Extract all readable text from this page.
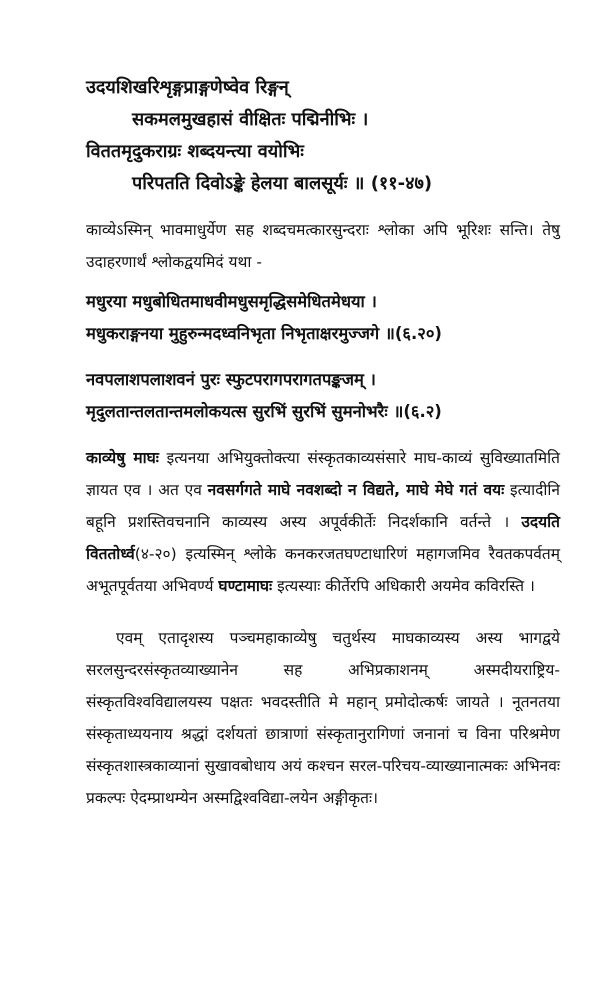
उदयशिखरिशृङ्गप्राङ्गणेष्वेव रिङ्गन्
सकमलमुखहासं वीक्षितः पद्मिनीभिः ।
विततमृदुकराग्रः शब्दयन्त्या वयोभिः
परिपतति दिवोऽङ्के हेलया बालसूर्यः ॥ (११-४७)

काव्येऽस्मिन् भावमाधुर्येण सह शब्दचमत्कारसुन्दराः श्लोका अपि भूरिशः सन्ति। तेषु उदाहरणार्थं श्लोकद्वयमिदं यथा -

मधुरया मधुबोधितमाधवीमधुसमृद्धिसमेधितमेधया ।
मधुकराङ्गनया मुहुरुन्मदध्वनिभृता निभृताक्षरमुज्जगे ॥(६.२०)
नवपलाशपलाशवनं पुरः स्फुटपरागपरागतपङ्कजम् ।
मृदुलतान्तलतान्तमलोकयत्स सुरभिं सुरभिं सुमनोभरैः ॥(६.२)

काव्येषु माघः इत्यनया अभियुक्तोक्त्या संस्कृतकाव्यसंसारे माघ-काव्यं सुविख्यातमिति ज्ञायत एव । अत एव नवसर्गगते माघे नवशब्दो न विद्यते, माघे मेघे गतं वयः इत्यादीनि बहूनि प्रशस्तिवचनानि काव्यस्य अस्य अपूर्वकीर्तेः निदर्शकानि वर्तन्ते । उदयति विततोर्ध्व(४-२०) इत्यस्मिन् श्लोके कनकरजतघण्टाधारिणं महागजमिव रैवतकपर्वतम् अभूतपूर्वतया अभिवर्ण्य घण्टामाघः इत्यस्याः कीर्तेरपि अधिकारी अयमेव कविरस्ति ।

एवम् एतादृशस्य पञ्चमहाकाव्येषु चतुर्थस्य माघकाव्यस्य अस्य भागद्वये सरलसुन्दरसंस्कृतव्याख्यानेन सह अभिप्रकाशनम् अस्मदीयराष्ट्रिय-संस्कृतविश्वविद्यालयस्य पक्षतः भवदस्तीति मे महान् प्रमोदोत्कर्षः जायते । नूतनतया संस्कृताध्ययनाय श्रद्धां दर्शयतां छात्राणां संस्कृतानुरागिणां जनानां च विना परिश्रमेण संस्कृतशास्त्रकाव्यानां सुखावबोधाय अयं कश्चन सरल-परिचय-व्याख्यानात्मकः अभिनवः प्रकल्पः ऐदम्प्राथम्येन अस्मद्विश्वविद्या-लयेन अङ्गीकृतः।
